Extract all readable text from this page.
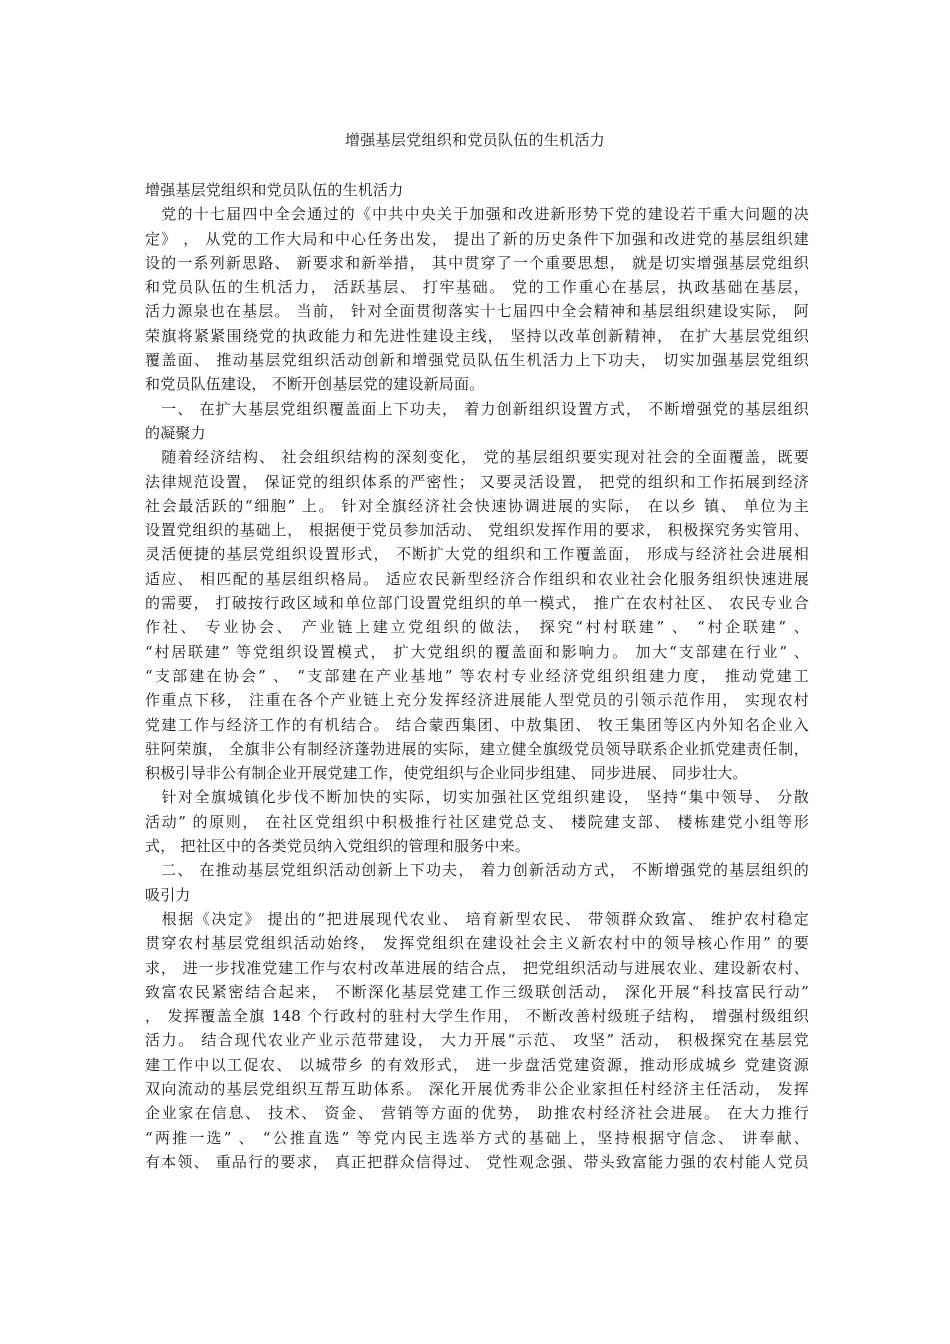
增强基层党组织和党员队伍的生机活力
增强基层党组织和党员队伍的生机活力
　党的十七届四中全会通过的《中共中央关于加强和改进新形势下党的建设若干重大问题的决
定》 ， 从党的工作大局和中心任务出发， 提出了新的历史条件下加强和改进党的基层组织建
设的一系列新思路、 新要求和新举措， 其中贯穿了一个重要思想， 就是切实增强基层党组织
和党员队伍的生机活力， 活跃基层、 打牢基础。 党的工作重心在基层，执政基础在基层，
活力源泉也在基层。 当前， 针对全面贯彻落实十七届四中全会精神和基层组织建设实际， 阿
荣旗将紧紧围绕党的执政能力和先进性建设主线， 坚持以改革创新精神， 在扩大基层党组织
覆盖面、 推动基层党组织活动创新和增强党员队伍生机活力上下功夫， 切实加强基层党组织
和党员队伍建设， 不断开创基层党的建设新局面。
　一、 在扩大基层党组织覆盖面上下功夫， 着力创新组织设置方式， 不断增强党的基层组织
的凝聚力
　随着经济结构、 社会组织结构的深刻变化， 党的基层组织要实现对社会的全面覆盖，既要
法律规范设置， 保证党的组织体系的严密性； 又要灵活设置， 把党的组织和工作拓展到经济
社会最活跃的“细胞” 上。 针对全旗经济社会快速协调进展的实际， 在以乡 镇、 单位为主
设置党组织的基础上， 根据便于党员参加活动、 党组织发挥作用的要求， 积极探究务实管用、
灵活便捷的基层党组织设置形式， 不断扩大党的组织和工作覆盖面， 形成与经济社会进展相
适应、 相匹配的基层组织格局。 适应农民新型经济合作组织和农业社会化服务组织快速进展
的需要， 打破按行政区域和单位部门设置党组织的单一模式， 推广在农村社区、 农民专业合
作社、 专业协会、 产业链上建立党组织的做法， 探究“村村联建” 、 “村企联建” 、
“村居联建” 等党组织设置模式， 扩大党组织的覆盖面和影响力。 加大“支部建在行业” 、
“支部建在协会” 、 “支部建在产业基地” 等农村专业经济党组织组建力度， 推动党建工
作重点下移， 注重在各个产业链上充分发挥经济进展能人型党员的引领示范作用， 实现农村
党建工作与经济工作的有机结合。 结合蒙西集团、中敖集团、 牧王集团等区内外知名企业入
驻阿荣旗， 全旗非公有制经济蓬勃进展的实际，建立健全旗级党员领导联系企业抓党建责任制，
积极引导非公有制企业开展党建工作，使党组织与企业同步组建、 同步进展、 同步壮大。
　针对全旗城镇化步伐不断加快的实际，切实加强社区党组织建设， 坚持“集中领导、 分散
活动” 的原则， 在社区党组织中积极推行社区建党总支、 楼院建支部、 楼栋建党小组等形
式， 把社区中的各类党员纳入党组织的管理和服务中来。
　二、 在推动基层党组织活动创新上下功夫， 着力创新活动方式， 不断增强党的基层组织的
吸引力
　根据《决定》 提出的“把进展现代农业、 培育新型农民、 带领群众致富、 维护农村稳定
贯穿农村基层党组织活动始终， 发挥党组织在建设社会主义新农村中的领导核心作用” 的要
求， 进一步找准党建工作与农村改革进展的结合点， 把党组织活动与进展农业、建设新农村、
致富农民紧密结合起来， 不断深化基层党建工作三级联创活动， 深化开展“科技富民行动”
， 发挥覆盖全旗 148 个行政村的驻村大学生作用， 不断改善村级班子结构， 增强村级组织
活力。 结合现代农业产业示范带建设， 大力开展“示范、 攻坚” 活动， 积极探究在基层党
建工作中以工促农、 以城带乡 的有效形式， 进一步盘活党建资源，推动形成城乡 党建资源
双向流动的基层党组织互帮互助体系。 深化开展优秀非公企业家担任村经济主任活动， 发挥
企业家在信息、 技术、 资金、 营销等方面的优势， 助推农村经济社会进展。 在大力推行
“两推一选” 、 “公推直选” 等党内民主选举方式的基础上，坚持根据守信念、 讲奉献、
有本领、 重品行的要求， 真正把群众信得过、 党性观念强、带头致富能力强的农村能人党员
